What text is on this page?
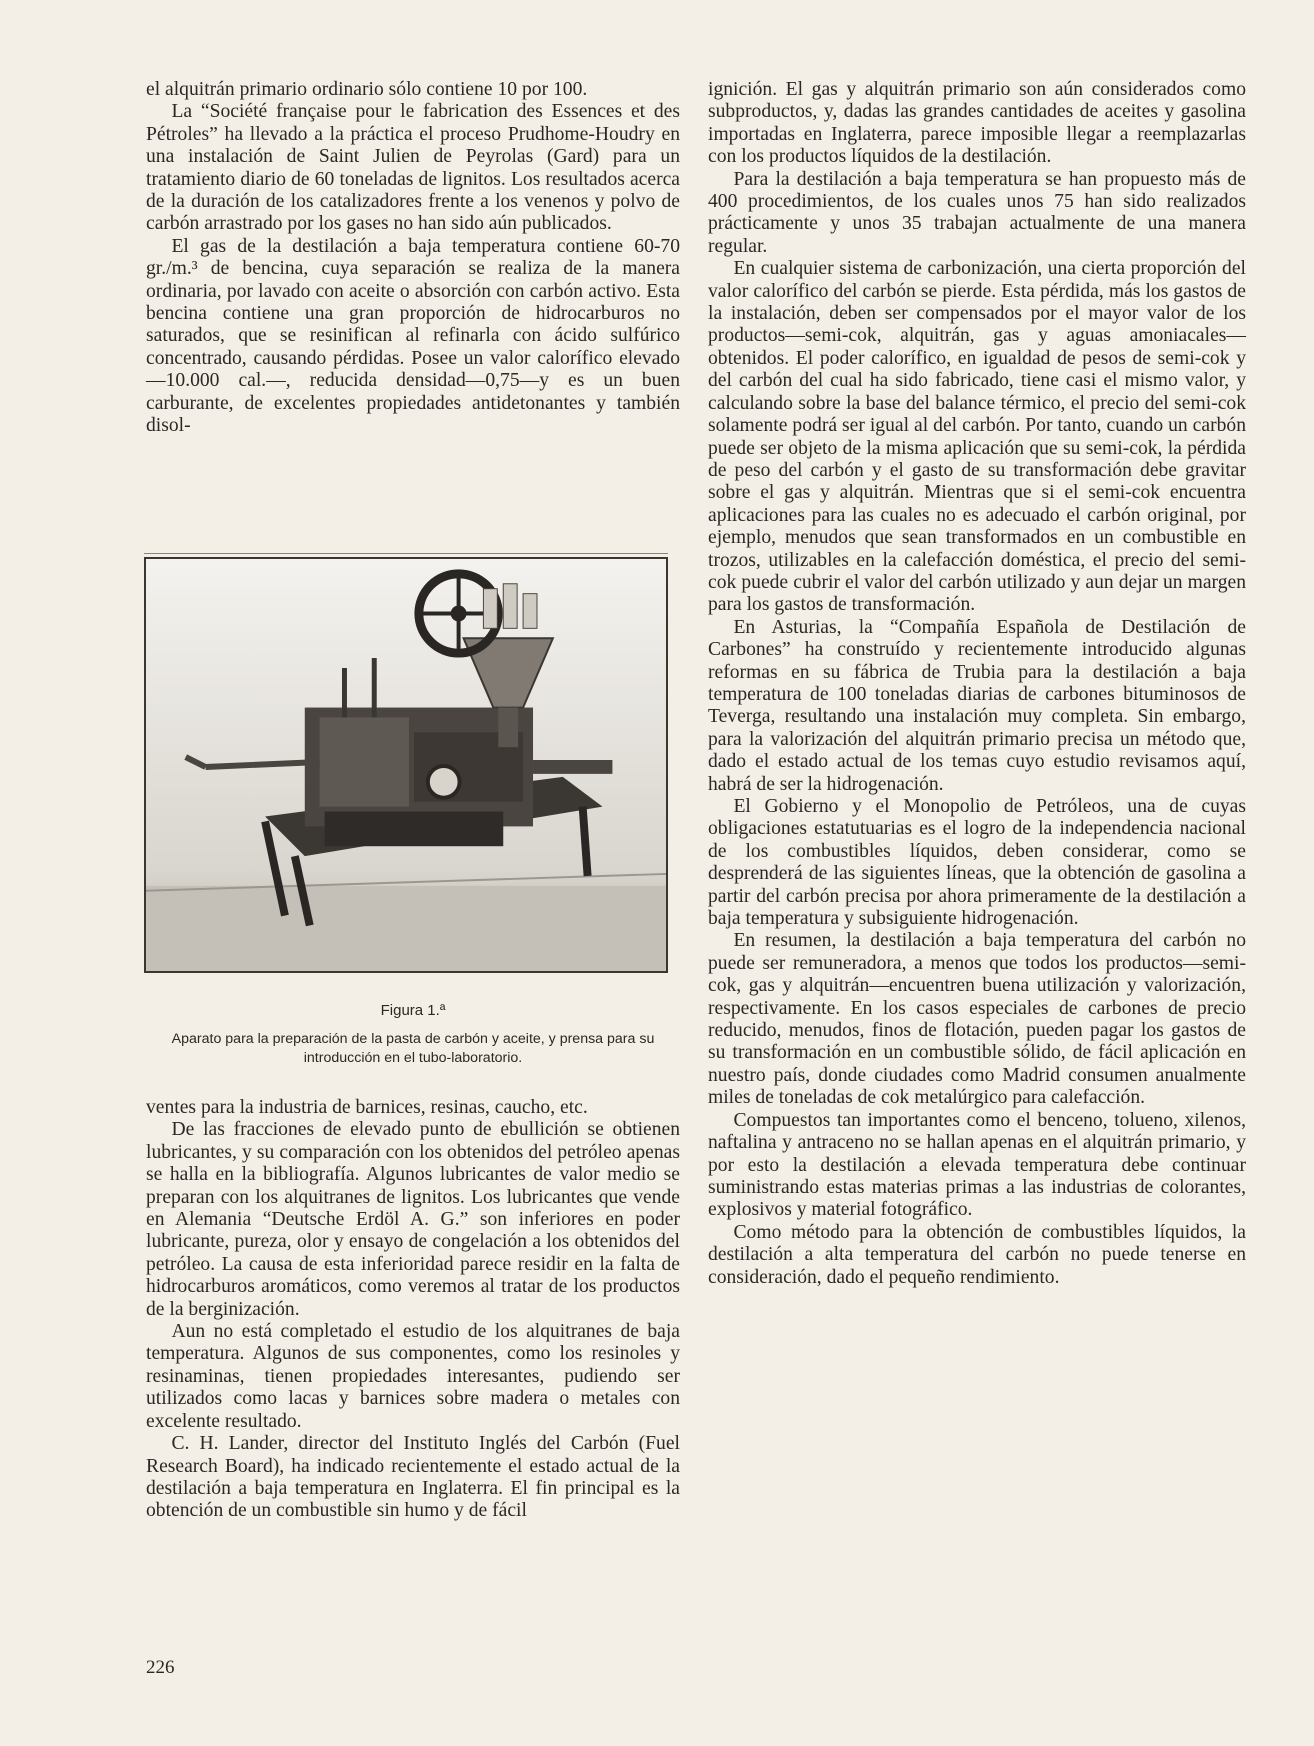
el alquitrán primario ordinario sólo contiene 10 por 100.

La “Société française pour le fabrication des Essences et des Pétroles” ha llevado a la práctica el proceso Prudhome-Houdry en una instalación de Saint Julien de Peyrolas (Gard) para un tratamiento diario de 60 toneladas de lignitos. Los resultados acerca de la duración de los catalizadores frente a los venenos y polvo de carbón arrastrado por los gases no han sido aún publicados.

El gas de la destilación a baja temperatura contiene 60-70 gr./m.³ de bencina, cuya separación se realiza de la manera ordinaria, por lavado con aceite o absorción con carbón activo. Esta bencina contiene una gran proporción de hidrocarburos no saturados, que se resinifican al refinarla con ácido sulfúrico concentrado, causando pérdidas. Posee un valor calorífico elevado—10.000 cal.—, reducida densidad—0,75—y es un buen carburante, de excelentes propiedades antidetonantes y también disol-

Figura 1.ª
Aparato para la preparación de la pasta de carbón y aceite, y prensa para su introducción en el tubo-laboratorio.

ventes para la industria de barnices, resinas, caucho, etc.

De las fracciones de elevado punto de ebullición se obtienen lubricantes, y su comparación con los obtenidos del petróleo apenas se halla en la bibliografía. Algunos lubricantes de valor medio se preparan con los alquitranes de lignitos. Los lubricantes que vende en Alemania “Deutsche Erdöl A. G.” son inferiores en poder lubricante, pureza, olor y ensayo de congelación a los obtenidos del petróleo. La causa de esta inferioridad parece residir en la falta de hidrocarburos aromáticos, como veremos al tratar de los productos de la berginización.

Aun no está completado el estudio de los alquitranes de baja temperatura. Algunos de sus componentes, como los resinoles y resinaminas, tienen propiedades interesantes, pudiendo ser utilizados como lacas y barnices sobre madera o metales con excelente resultado.

C. H. Lander, director del Instituto Inglés del Carbón (Fuel Research Board), ha indicado recientemente el estado actual de la destilación a baja temperatura en Inglaterra. El fin principal es la obtención de un combustible sin humo y de fácil

ignición. El gas y alquitrán primario son aún considerados como subproductos, y, dadas las grandes cantidades de aceites y gasolina importadas en Inglaterra, parece imposible llegar a reemplazarlas con los productos líquidos de la destilación.

Para la destilación a baja temperatura se han propuesto más de 400 procedimientos, de los cuales unos 75 han sido realizados prácticamente y unos 35 trabajan actualmente de una manera regular.

En cualquier sistema de carbonización, una cierta proporción del valor calorífico del carbón se pierde. Esta pérdida, más los gastos de la instalación, deben ser compensados por el mayor valor de los productos—semi-cok, alquitrán, gas y aguas amoniacales—obtenidos. El poder calorífico, en igualdad de pesos de semi-cok y del carbón del cual ha sido fabricado, tiene casi el mismo valor, y calculando sobre la base del balance térmico, el precio del semi-cok solamente podrá ser igual al del carbón. Por tanto, cuando un carbón puede ser objeto de la misma aplicación que su semi-cok, la pérdida de peso del carbón y el gasto de su transformación debe gravitar sobre el gas y alquitrán. Mientras que si el semi-cok encuentra aplicaciones para las cuales no es adecuado el carbón original, por ejemplo, menudos que sean transformados en un combustible en trozos, utilizables en la calefacción doméstica, el precio del semi-cok puede cubrir el valor del carbón utilizado y aun dejar un margen para los gastos de transformación.

En Asturias, la “Compañía Española de Destilación de Carbones” ha construído y recientemente introducido algunas reformas en su fábrica de Trubia para la destilación a baja temperatura de 100 toneladas diarias de carbones bituminosos de Teverga, resultando una instalación muy completa. Sin embargo, para la valorización del alquitrán primario precisa un método que, dado el estado actual de los temas cuyo estudio revisamos aquí, habrá de ser la hidrogenación.

El Gobierno y el Monopolio de Petróleos, una de cuyas obligaciones estatutuarias es el logro de la independencia nacional de los combustibles líquidos, deben considerar, como se desprenderá de las siguientes líneas, que la obtención de gasolina a partir del carbón precisa por ahora primeramente de la destilación a baja temperatura y subsiguiente hidrogenación.

En resumen, la destilación a baja temperatura del carbón no puede ser remuneradora, a menos que todos los productos—semi-cok, gas y alquitrán—encuentren buena utilización y valorización, respectivamente. En los casos especiales de carbones de precio reducido, menudos, finos de flotación, pueden pagar los gastos de su transformación en un combustible sólido, de fácil aplicación en nuestro país, donde ciudades como Madrid consumen anualmente miles de toneladas de cok metalúrgico para calefacción.

Compuestos tan importantes como el benceno, tolueno, xilenos, naftalina y antraceno no se hallan apenas en el alquitrán primario, y por esto la destilación a elevada temperatura debe continuar suministrando estas materias primas a las industrias de colorantes, explosivos y material fotográfico.

Como método para la obtención de combustibles líquidos, la destilación a alta temperatura del carbón no puede tenerse en consideración, dado el pequeño rendimiento.

226
